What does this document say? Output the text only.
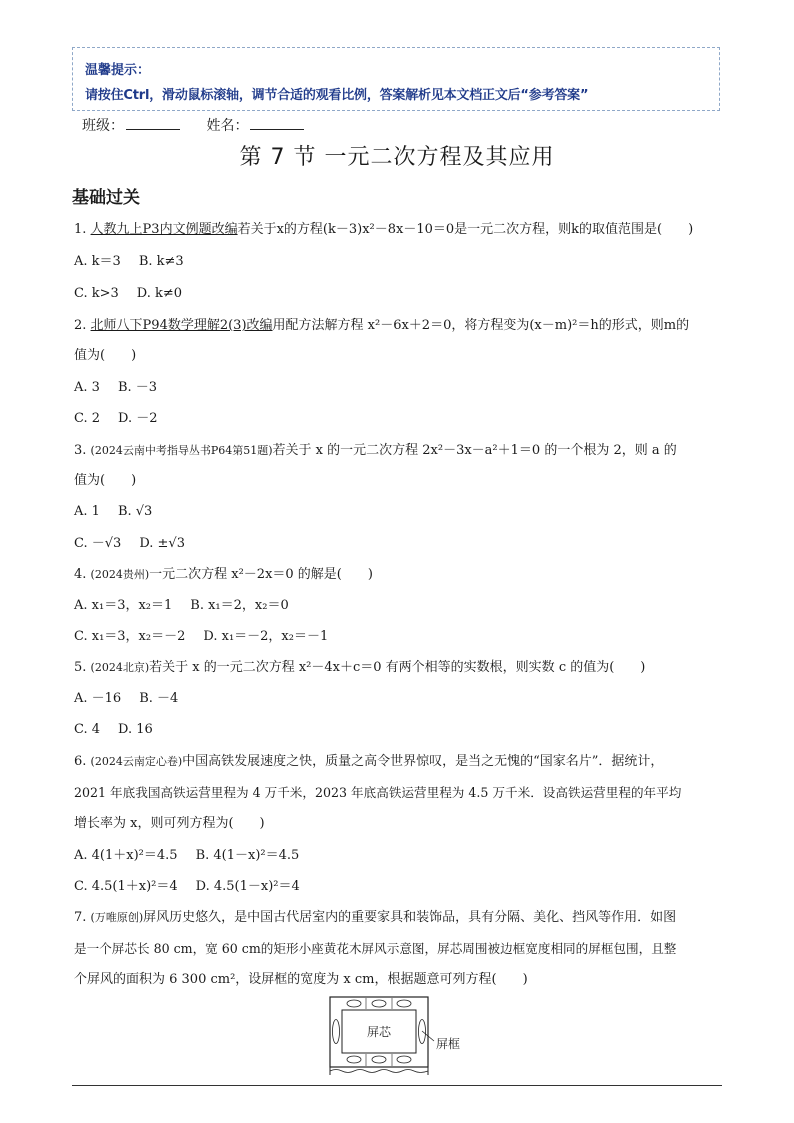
温馨提示：
请按住Ctrl，滑动鼠标滚轴，调节合适的观看比例，答案解析见本文档正文后“参考答案”
班级：	姓名：
第 7 节 一元二次方程及其应用
基础过关
1. 人教九上P3内文例题改编若关于x的方程(k－3)x²－8x－10＝0是一元二次方程，则k的取值范围是(　　)
A. k＝3 B. k≠3
C. k>3 D. k≠0
2. 北师八下P94数学理解2(3)改编用配方法解方程 x²－6x＋2＝0，将方程变为(x－m)²＝h的形式，则m的
值为(　　)
A. 3 B. －3
C. 2 D. －2
3. (2024云南中考指导丛书P64第51题)若关于 x 的一元二次方程 2x²－3x－a²＋1＝0 的一个根为 2，则 a 的
值为(　　)
A. 1 B. √3
C. －√3 D. ±√3
4. (2024贵州)一元二次方程 x²－2x＝0 的解是(　　)
A. x₁＝3，x₂＝1 B. x₁＝2，x₂＝0
C. x₁＝3，x₂＝－2 D. x₁＝－2，x₂＝－1
5. (2024北京)若关于 x 的一元二次方程 x²－4x＋c＝0 有两个相等的实数根，则实数 c 的值为(　　)
A. －16 B. －4
C. 4 D. 16
6. (2024云南定心卷)中国高铁发展速度之快，质量之高令世界惊叹，是当之无愧的“国家名片”．据统计，
2021 年底我国高铁运营里程为 4 万千米，2023 年底高铁运营里程为 4.5 万千米．设高铁运营里程的年平均
增长率为 x，则可列方程为(　　)
A. 4(1＋x)²＝4.5 B. 4(1－x)²＝4.5
C. 4.5(1＋x)²＝4 D. 4.5(1－x)²＝4
7. (万唯原创)屏风历史悠久，是中国古代居室内的重要家具和装饰品，具有分隔、美化、挡风等作用．如图
是一个屏芯长 80 cm，宽 60 cm的矩形小座黄花木屏风示意图，屏芯周围被边框宽度相同的屏框包围，且整
个屏风的面积为 6 300 cm²，设屏框的宽度为 x cm，根据题意可列方程(　　)
屏芯
屏框
